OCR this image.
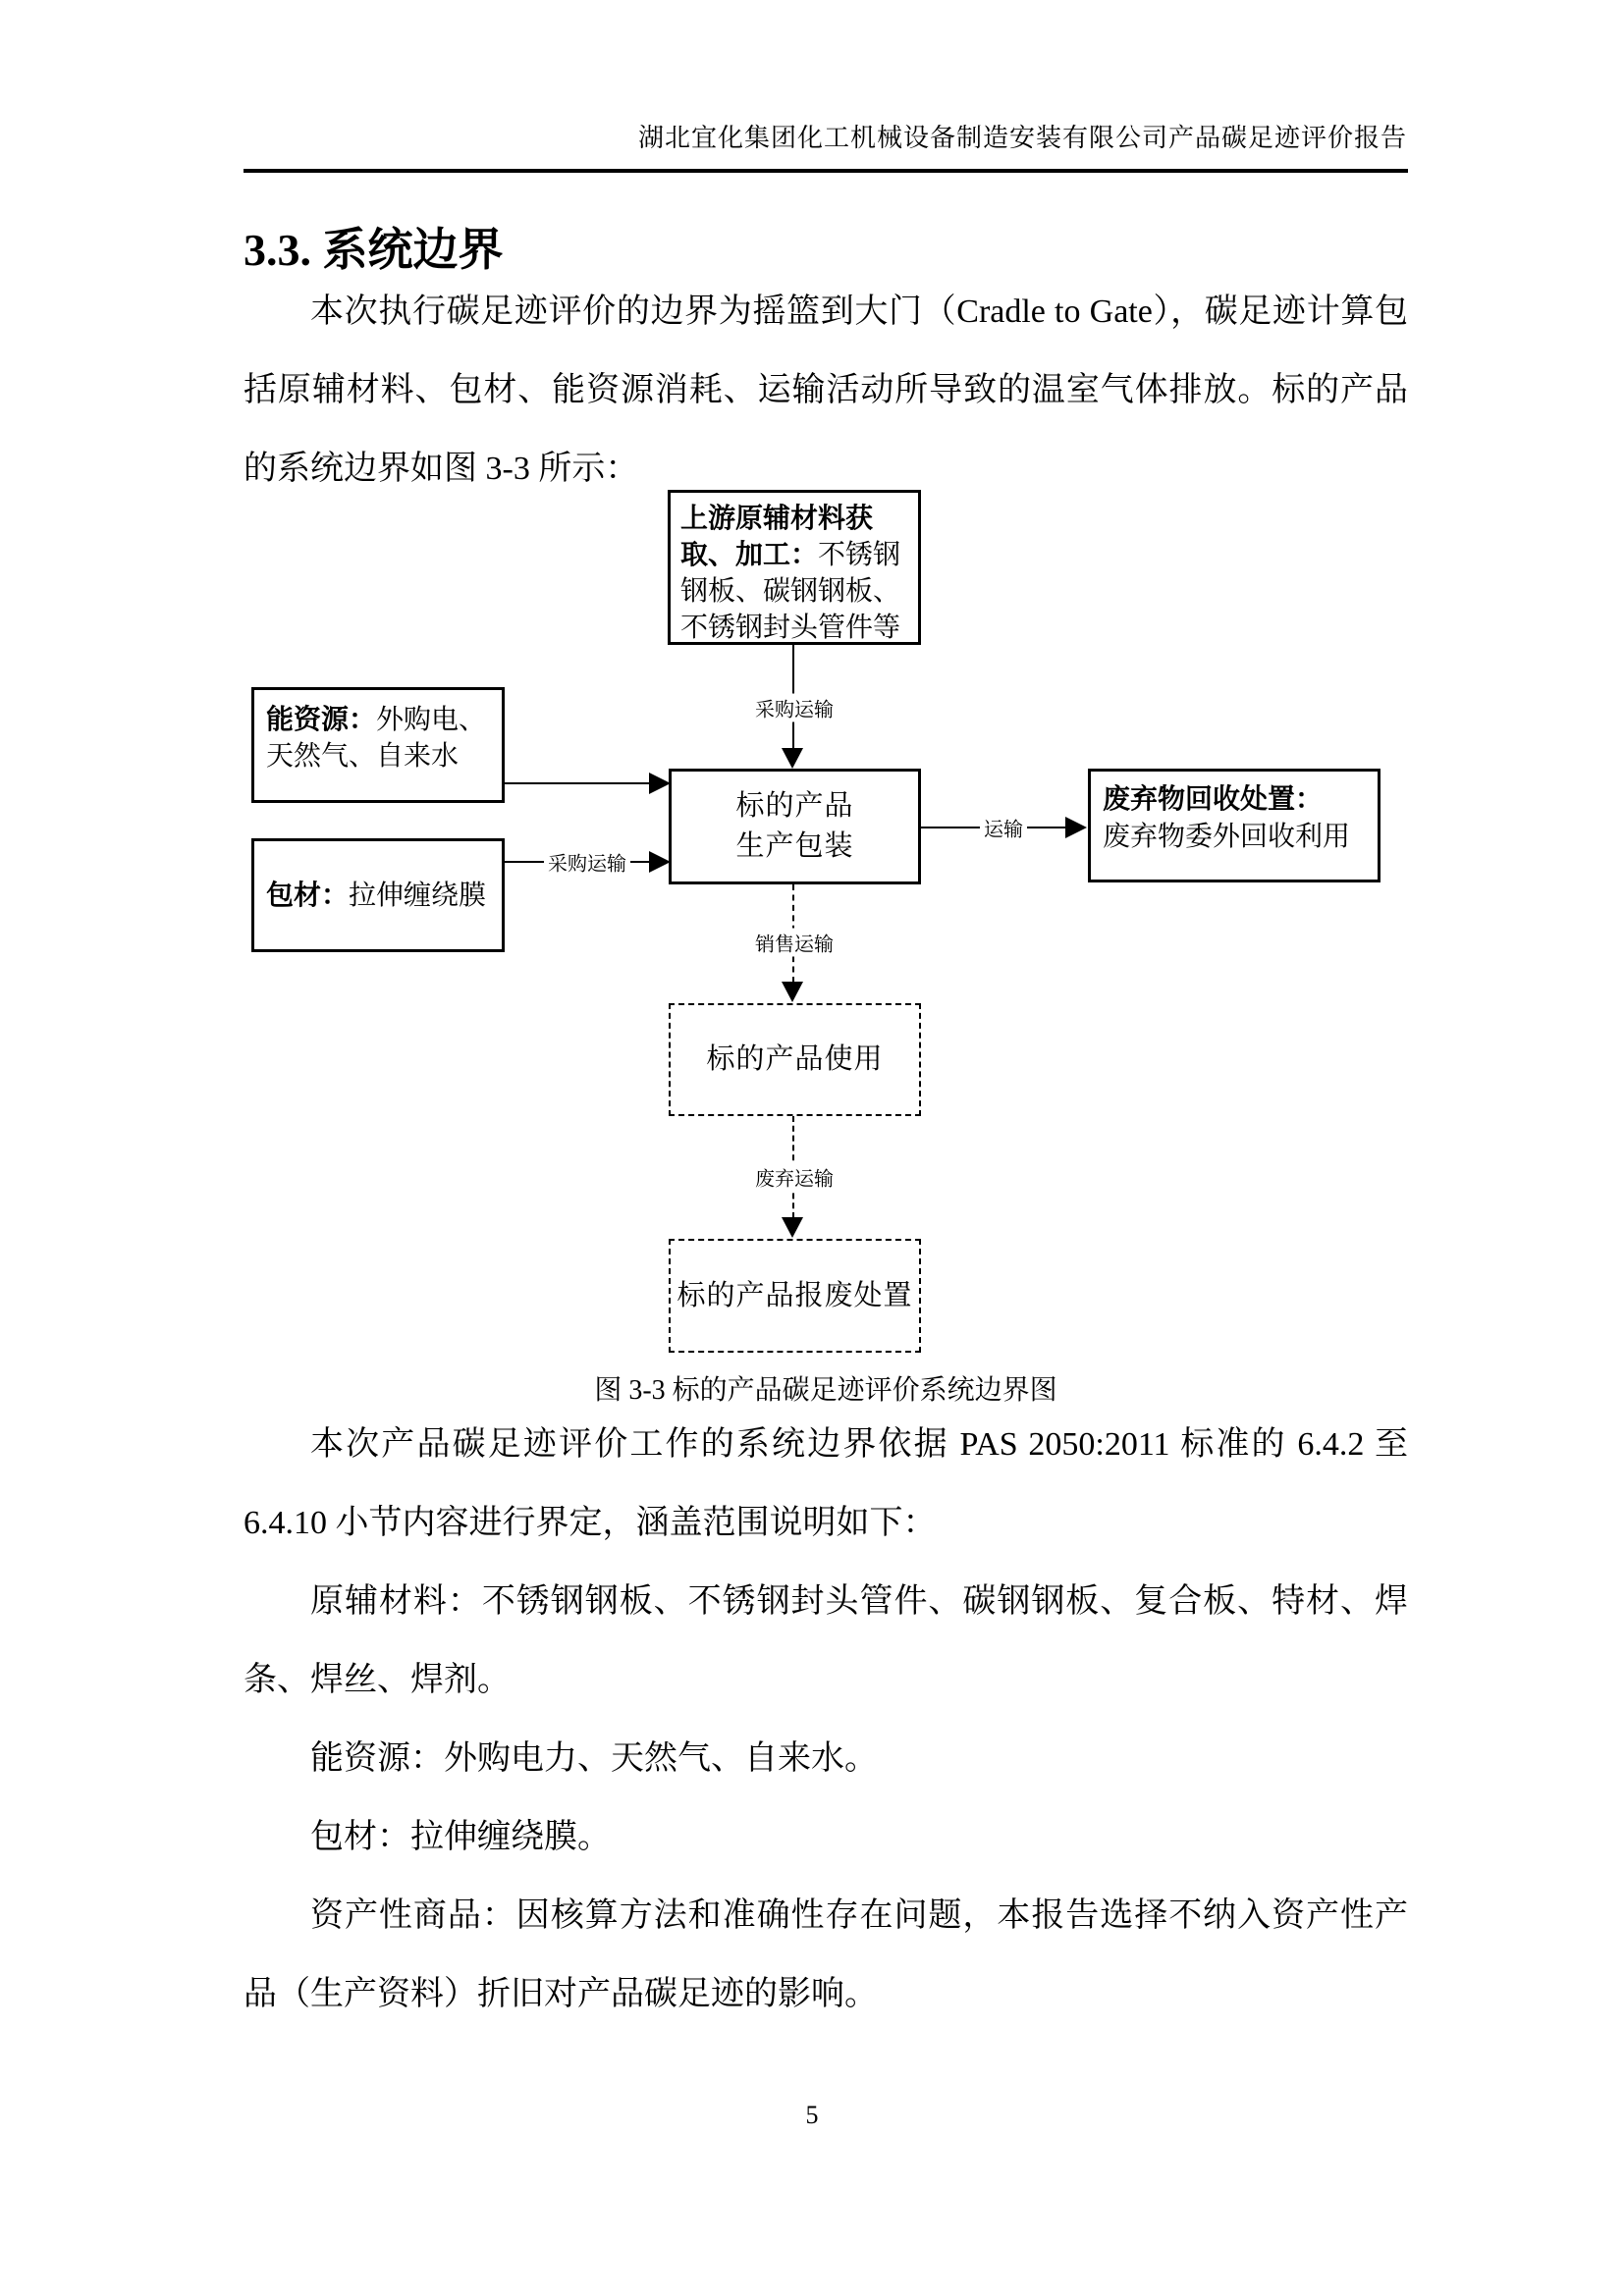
湖北宜化集团化工机械设备制造安装有限公司产品碳足迹评价报告
3.3. 系统边界

本次执行碳足迹评价的边界为摇篮到大门（Cradle to Gate），碳足迹计算包括原辅材料、包材、能资源消耗、运输活动所导致的温室气体排放。标的产品的系统边界如图 3-3 所示：

上游原辅材料获取、加工：不锈钢钢板、碳钢钢板、不锈钢封头管件等
采购运输
能资源：外购电、天然气、自来水
包材：拉伸缠绕膜
采购运输
标的产品
生产包装
运输
废弃物回收处置：
废弃物委外回收利用
销售运输
标的产品使用
废弃运输
标的产品报废处置
图 3-3 标的产品碳足迹评价系统边界图

本次产品碳足迹评价工作的系统边界依据 PAS 2050:2011 标准的 6.4.2 至 6.4.10 小节内容进行界定，涵盖范围说明如下：

原辅材料：不锈钢钢板、不锈钢封头管件、碳钢钢板、复合板、特材、焊条、焊丝、焊剂。

能资源：外购电力、天然气、自来水。

包材：拉伸缠绕膜。

资产性商品：因核算方法和准确性存在问题，本报告选择不纳入资产性产品（生产资料）折旧对产品碳足迹的影响。

5
